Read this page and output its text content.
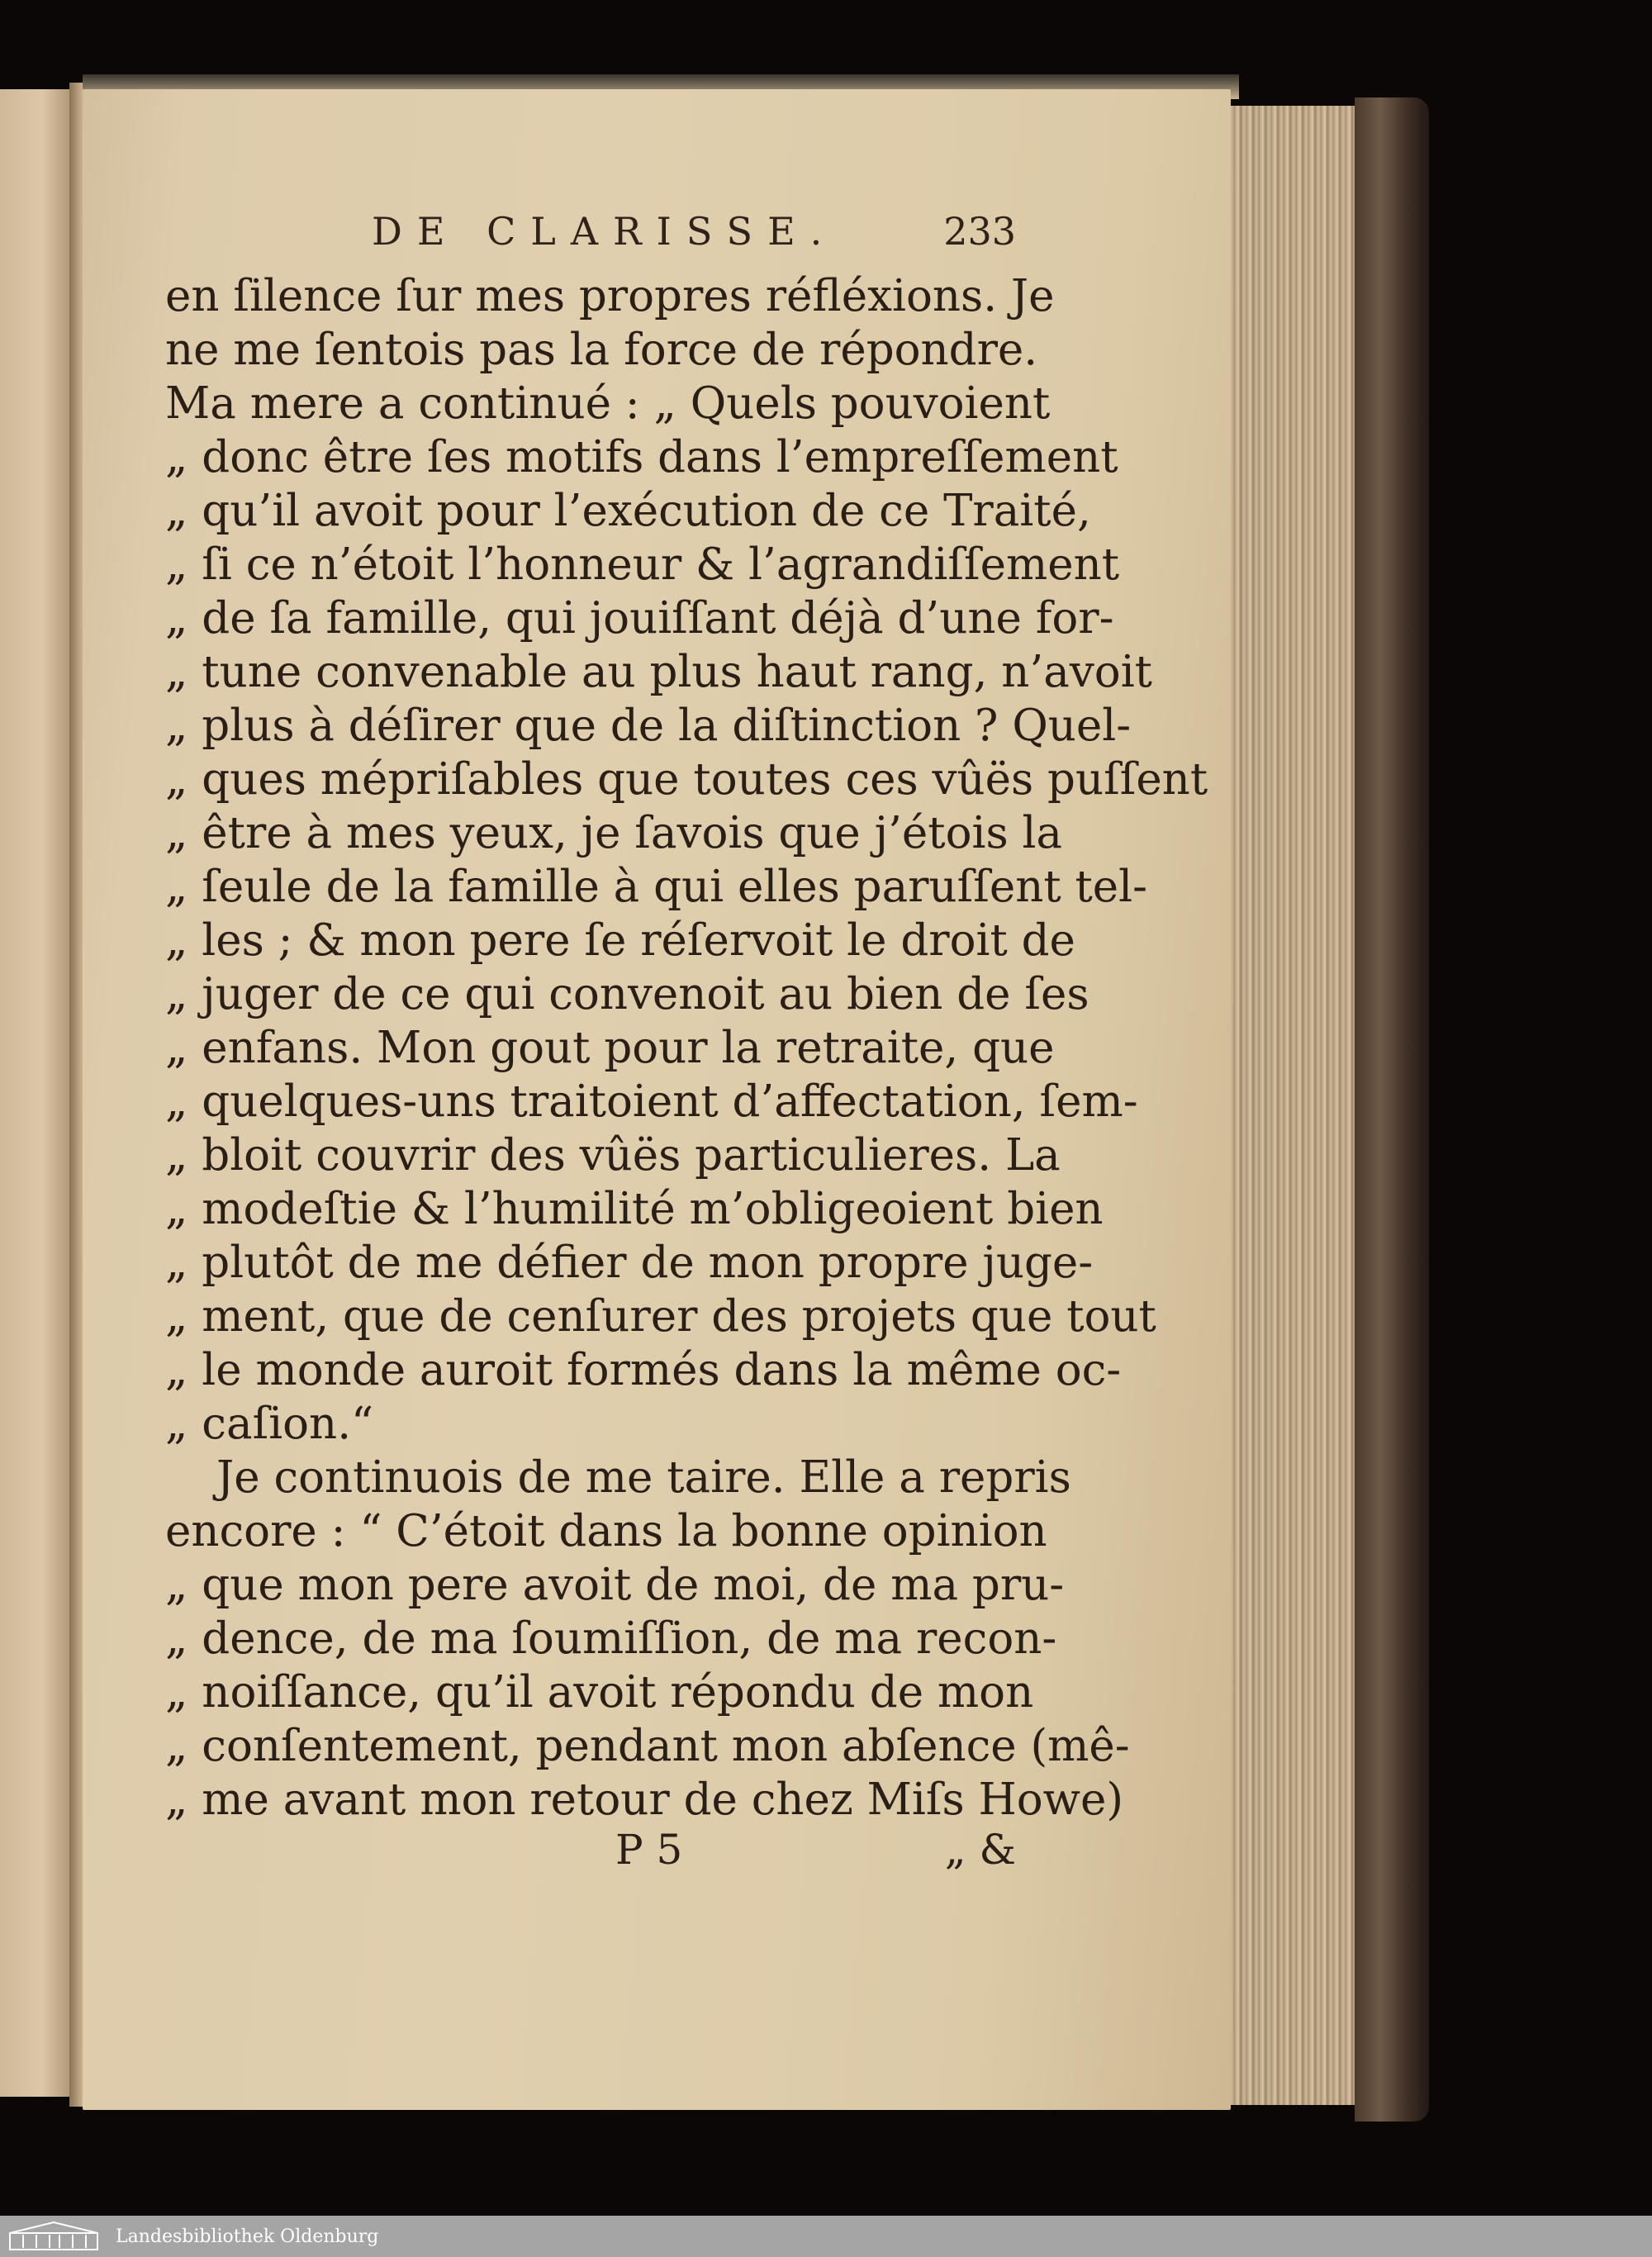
DE CLARISSE.	233
en ſilence ſur mes propres réfléxions. Je
ne me ſentois pas la force de répondre.
Ma mere a continué : „ Quels pouvoient
„ donc être ſes motifs dans l’empreſſement
„ qu’il avoit pour l’exécution de ce Traité,
„ ſi ce n’étoit l’honneur & l’agrandiſſement
„ de ſa famille, qui jouiſſant déjà d’une for-
„ tune convenable au plus haut rang, n’avoit
„ plus à déſirer que de la diſtinction ? Quel-
„ ques mépriſables que toutes ces vûës puſſent
„ être à mes yeux, je ſavois que j’étois la
„ ſeule de la famille à qui elles paruſſent tel-
„ les ; & mon pere ſe réſervoit le droit de
„ juger de ce qui convenoit au bien de ſes
„ enfans. Mon gout pour la retraite, que
„ quelques-uns traitoient d’affectation, ſem-
„ bloit couvrir des vûës particulieres. La
„ modeſtie & l’humilité m’obligeoient bien
„ plutôt de me défier de mon propre juge-
„ ment, que de cenſurer des projets que tout
„ le monde auroit formés dans la même oc-
„ caſion.“
Je continuois de me taire. Elle a repris
encore : “ C’étoit dans la bonne opinion
„ que mon pere avoit de moi, de ma pru-
„ dence, de ma ſoumiſſion, de ma recon-
„ noiſſance, qu’il avoit répondu de mon
„ conſentement, pendant mon abſence (mê-
„ me avant mon retour de chez Miſs Howe)
P 5	„ &
Landesbibliothek Oldenburg
